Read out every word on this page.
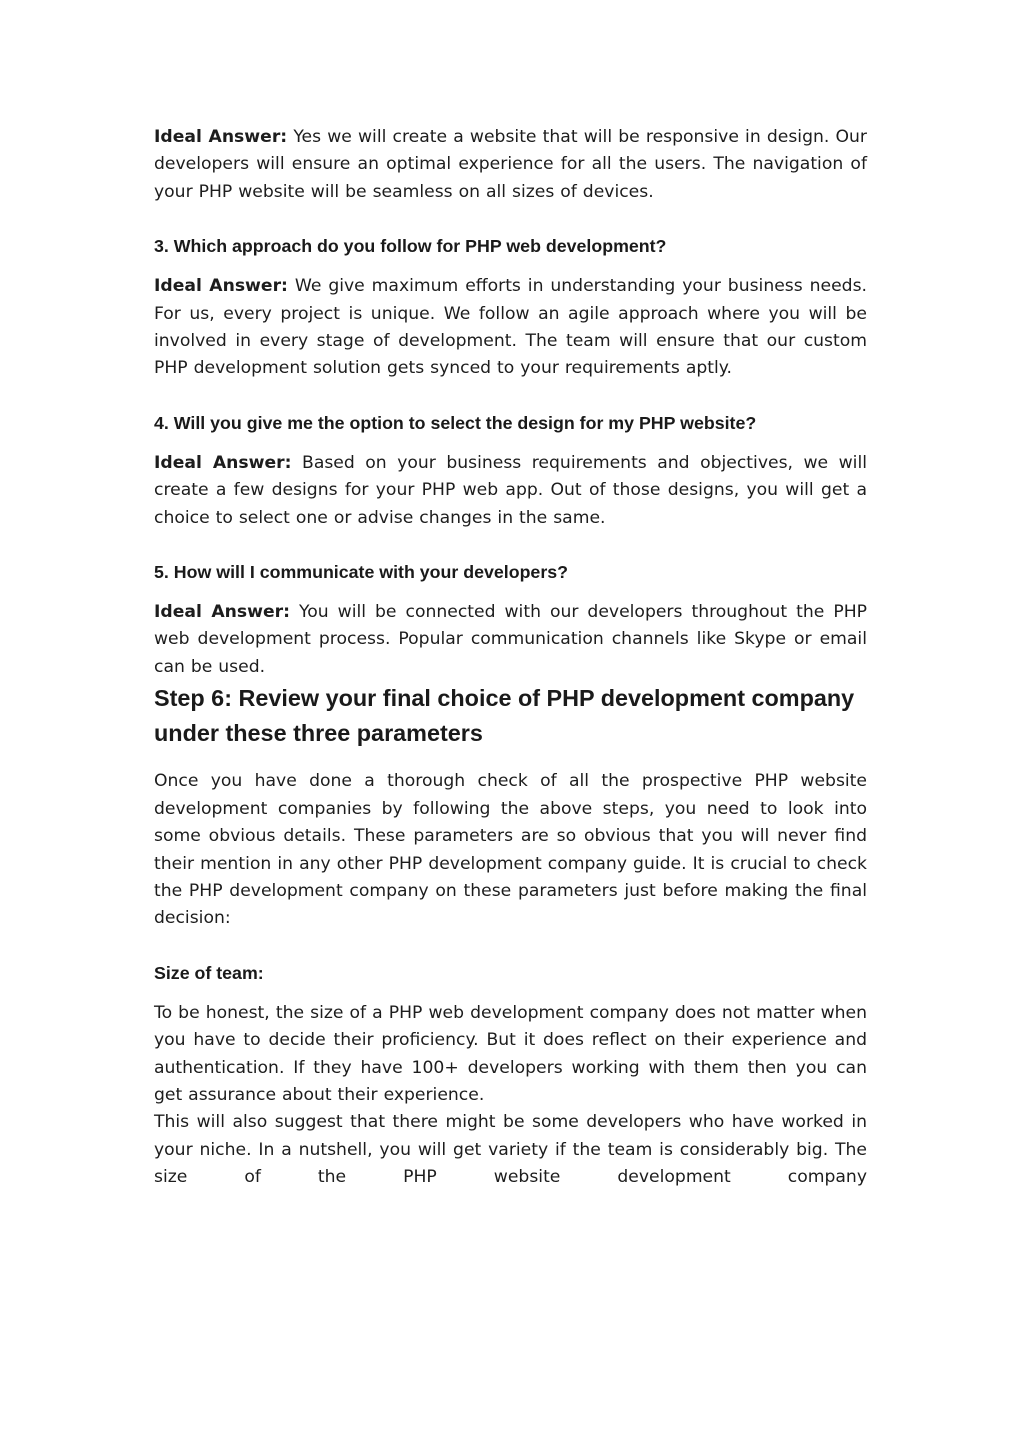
Ideal Answer: Yes we will create a website that will be responsive in design. Our developers will ensure an optimal experience for all the users. The navigation of your PHP website will be seamless on all sizes of devices.

3. Which approach do you follow for PHP web development?

Ideal Answer: We give maximum efforts in understanding your business needs. For us, every project is unique. We follow an agile approach where you will be involved in every stage of development. The team will ensure that our custom PHP development solution gets synced to your requirements aptly.

4. Will you give me the option to select the design for my PHP website?

Ideal Answer: Based on your business requirements and objectives, we will create a few designs for your PHP web app. Out of those designs, you will get a choice to select one or advise changes in the same.

5. How will I communicate with your developers?

Ideal Answer: You will be connected with our developers throughout the PHP web development process. Popular communication channels like Skype or email can be used.

Step 6: Review your final choice of PHP development company under these three parameters

Once you have done a thorough check of all the prospective PHP website development companies by following the above steps, you need to look into some obvious details. These parameters are so obvious that you will never find their mention in any other PHP development company guide. It is crucial to check the PHP development company on these parameters just before making the final decision:

Size of team:

To be honest, the size of a PHP web development company does not matter when you have to decide their proficiency. But it does reflect on their experience and authentication. If they have 100+ developers working with them then you can get assurance about their experience.

This will also suggest that there might be some developers who have worked in your niche. In a nutshell, you will get variety if the team is considerably big. The size of the PHP website development company
